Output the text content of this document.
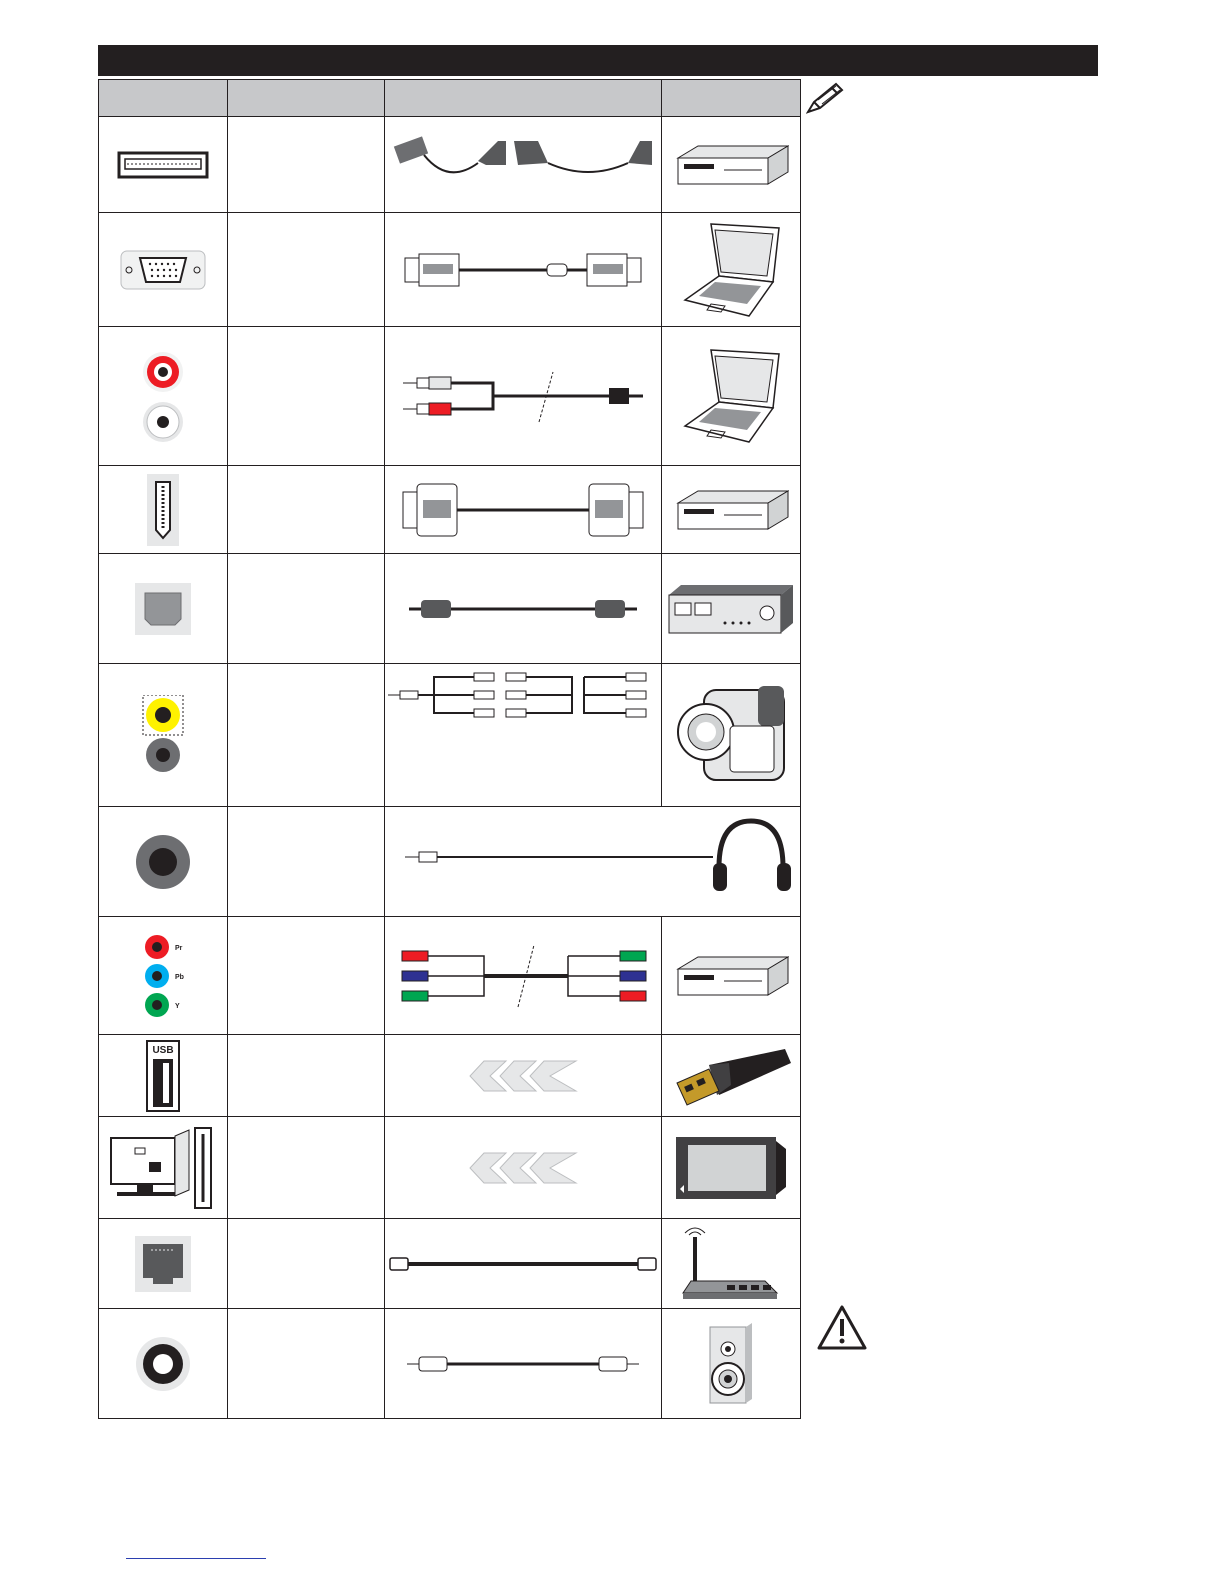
Pr
Pb
Y

USB
